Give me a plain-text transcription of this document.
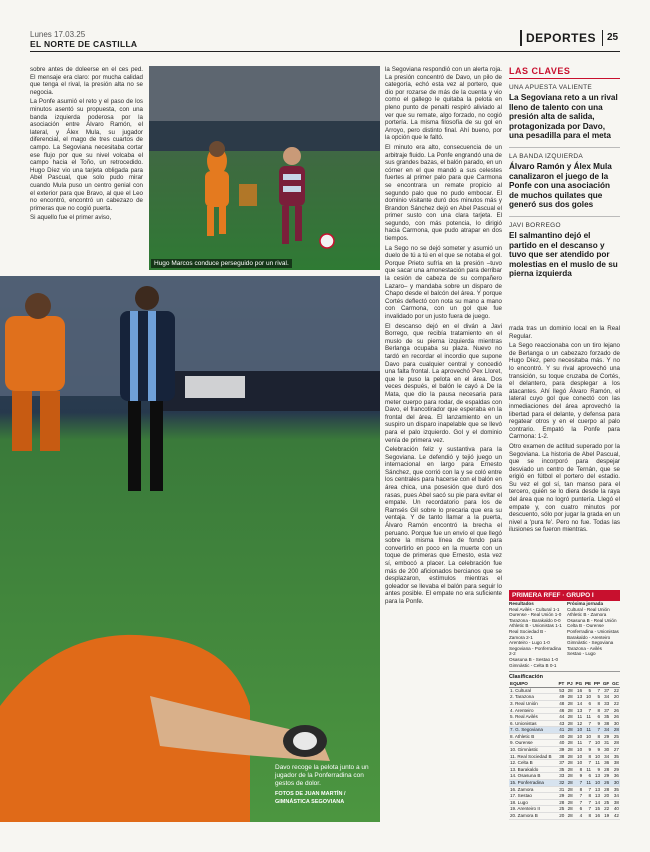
Lunes 17.03.25
EL NORTE DE CASTILLA	DEPORTES 25

sobre antes de doleerse en el ces ped. El mensaje era claro: por mucha calidad que tenga el rival, la presión alta no se negocia.

La Ponfe asumió el reto y el paso de los minutos asentó su propuesta, con una banda izquierda poderosa por la asociación entre Álvaro Ramón, el lateral, y Álex Mula, su jugador diferencial, el mago de tres cuartos de campo. La Segoviana necesitaba cortar ese flujo por que su nivel volcaba el campo hacia el Toño, un retrocedido. Hugo Díez vio una tarjeta obligada para Abel Pascual, que solo pudo mirar cuando Mula puso un centro genial con el exterior para que Bravo, al que el Leo no encontró, encontró un cabezazo de primeras que no cogió puerta.

Si aquello fue el primer aviso,

Hugo Marcos conduce perseguido por un rival.

la Segoviana respondió con un alerta roja. La presión concentró de Davo, un pilo de categoría, echó esta vez al portero, que dio por rozarse de más de la cuenta y vio como el gallego le quitaba la pelota en pleno punto de penalti respiró aliviado al ver que su remate, algo forzado, no cogió portería. La misma filosofía de su gol en Arroyo, pero distinto final. Ahí bueno, por la opción que le faltó.

El minuto era alto, consecuencia de un arbitraje fluido. La Ponfe engrandó una de sus grandes bazas, el balón parado, en un córner en el que mandó a sus celestes fuertes al primer palo para que Carmona se encontrara un remate propicio al segundo palo que no pudo embocar. El dominio visitante duró dos minutos más y Brandon Sánchez dejó en Abel Pascual el primer susto con una clara tarjeta. El segundo, con más potencia, lo dirigió hacia Carmona, que pudo atrapar en dos tiempos.

La Sego no se dejó someter y asumió un duelo de tú a tú en el que se notaba el gol. Porque Prieto sufría en la presión –tuvo que sacar una amonestación para derribar la cesión de cabeza de su compañero Lazaro– y mandaba sobre un disparo de Chapo desde el balcón del área. Y porque Cortés deflectó con nota su mano a mano con Carmona, con un gol que fue invalidado por un justo fuera de juego.

El descanso dejó en el diván a Javi Borrego, que recibía tratamiento en el muslo de su pierna izquierda mientras Berlanga ocupaba su plaza. Nuevo no tardó en recordar el incordio que supone Davo para cualquier central y concedió una falta frontal. La aprovechó Pex Lloret, que le puso la pelota en el área. Dos veces después, el balón le cayó a De la Mata, que dio la pausa necesaria para meter cuerpo para rodar, de espaldas con Davo, el francotirador que esperaba en la frontal del área. El lanzamiento en un suspiro un disparo inapelable que se llevó para el palo izquierdo. Gol y el dominio venía de primera vez.

Celebración feliz y sustantiva para la Segoviana. Le defendió y tejió juego un internacional en largo para Ernesto Sánchez, que corrió con la y se coló entre los centrales para hacerse con el balón en área chica, una posesión que duró dos rasas, pues Abel sacó su pie para evitar el empate. Un recordatorio para los de Ramsés Gil sobre lo precaria que era su ventaja. Y de tanto llamar a la puerta, Álvaro Ramón encontró la brecha el peruano. Porque fue un envío el que llegó sobre la misma línea de fondo para convertirlo en poco en la muerte con un toque de primeras que Ernesto, esta vez sí, embocó a placer. La celebración fue más de 200 aficionados bercianos que se desplazaron, estímulos mientras el goleador se llevaba el balón para seguir lo antes posible. El empate no era suficiente para la Ponfe.

Davo recoge la pelota junto a un jugador de la Ponferradina con gestos de dolor.
FOTOS DE JUAN MARTÍN / GIMNÁSTICA SEGOVIANA

rrada tras un dominio local en la Real Regular.

La Sego reaccionaba con un tiro lejano de Berlanga o un cabezazo forzado de Hugo Díez, pero necesitaba más. Y no lo encontró. Y su rival aprovechó una transición, su toque cruzaba de Cortés, el delantero, para desplegar a los atacantes. Ahí llegó Álvaro Ramón, el lateral cuyo gol que conectó con las inmediaciones del área aprovechó la libertad para el delante, y defensa para regatear otros y en el cuerpo al palo contrario. Empató la Ponfe para Carmona: 1-2.

Otro examen de actitud superado por la Segoviana. La historia de Abel Pascual, que se incorporó para despejar desviado un centro de Ternán, que se erigió en fútbol el portero del estadio. Su vez el gol sí, tan manso para el tercero, quién se lo diera desde la raya del área que no logró puntería. Llegó el empate y, con cuatro minutos por descuento, sólo por jugar la grada en un nivel a 'pura fe'. Pero no fue. Todas las ilusiones se fueron mientras.

LAS CLAVES
UNA APUESTA VALIENTE
La Segoviana reto a un rival lleno de talento con una presión alta de salida, protagonizada por Davo, una pesadilla para el meta
LA BANDA IZQUIERDA
Álvaro Ramón y Álex Mula canalizaron el juego de la Ponfe con una asociación de muchos quilates que generó sus dos goles
JAVI BORREGO
El salmantino dejó el partido en el descanso y tuvo que ser atendido por molestias en el muslo de su pierna izquierda
PRIMERA RFEF · GRUPO I
Resultados
Real Avilés - Cultural 1-1
Ourense - Real Unión 1-0
Tarazona - Barakaldo 0-0
Athletic B - Unionistas 1-1
Real Sociedad B - Zamora 2-1
Arenteiro - Lugo 1-0
Segoviana - Ponferradina 2-2
Osasuna B - Sestao 1-0
Gimnàstic - Celta B 0-1
Próxima jornada
Cultural - Real Unión
Athletic B - Zamora
Osasuna B - Real Unión
Celta B - Ourense
Ponferradina - Unionistas
Barakaldo - Arenteiro
Gimnàstic - Segoviana
Tarazona - Avilés
Sestao - Lugo
Clasificación
EQUIPO	PT	PJ	PG	PE	PP	GF	GC
1. Cultural	53	28	16	5	7	37	22
2. Tarazona	49	28	13	10	5	34	20
3. Real Unión	48	28	14	6	8	33	22
4. Arenteiro	46	28	13	7	8	37	26
5. Real Avilés	44	28	11	11	6	35	26
6. Unionistas	43	28	12	7	9	38	30
7. G. Segoviana	41	28	10	11	7	34	28
8. Athletic B	40	28	10	10	8	29	25
9. Ourense	40	28	11	7	10	31	28
10. Gimnàstic	39	28	10	9	9	30	27
11. Real Sociedad B	38	28	10	8	10	34	35
12. Celta B	37	28	10	7	11	36	38
13. Barakaldo	35	28	8	11	9	28	29
14. Osasuna B	33	28	9	6	13	29	36
15. Ponferradina	32	28	7	11	10	26	30
16. Zamora	31	28	8	7	13	28	35
17. Sestao	29	28	7	8	13	20	34
18. Lugo	28	28	7	7	14	25	38
19. Arenteiro II	25	28	6	7	15	22	40
20. Zamora B	20	28	4	8	16	19	42
